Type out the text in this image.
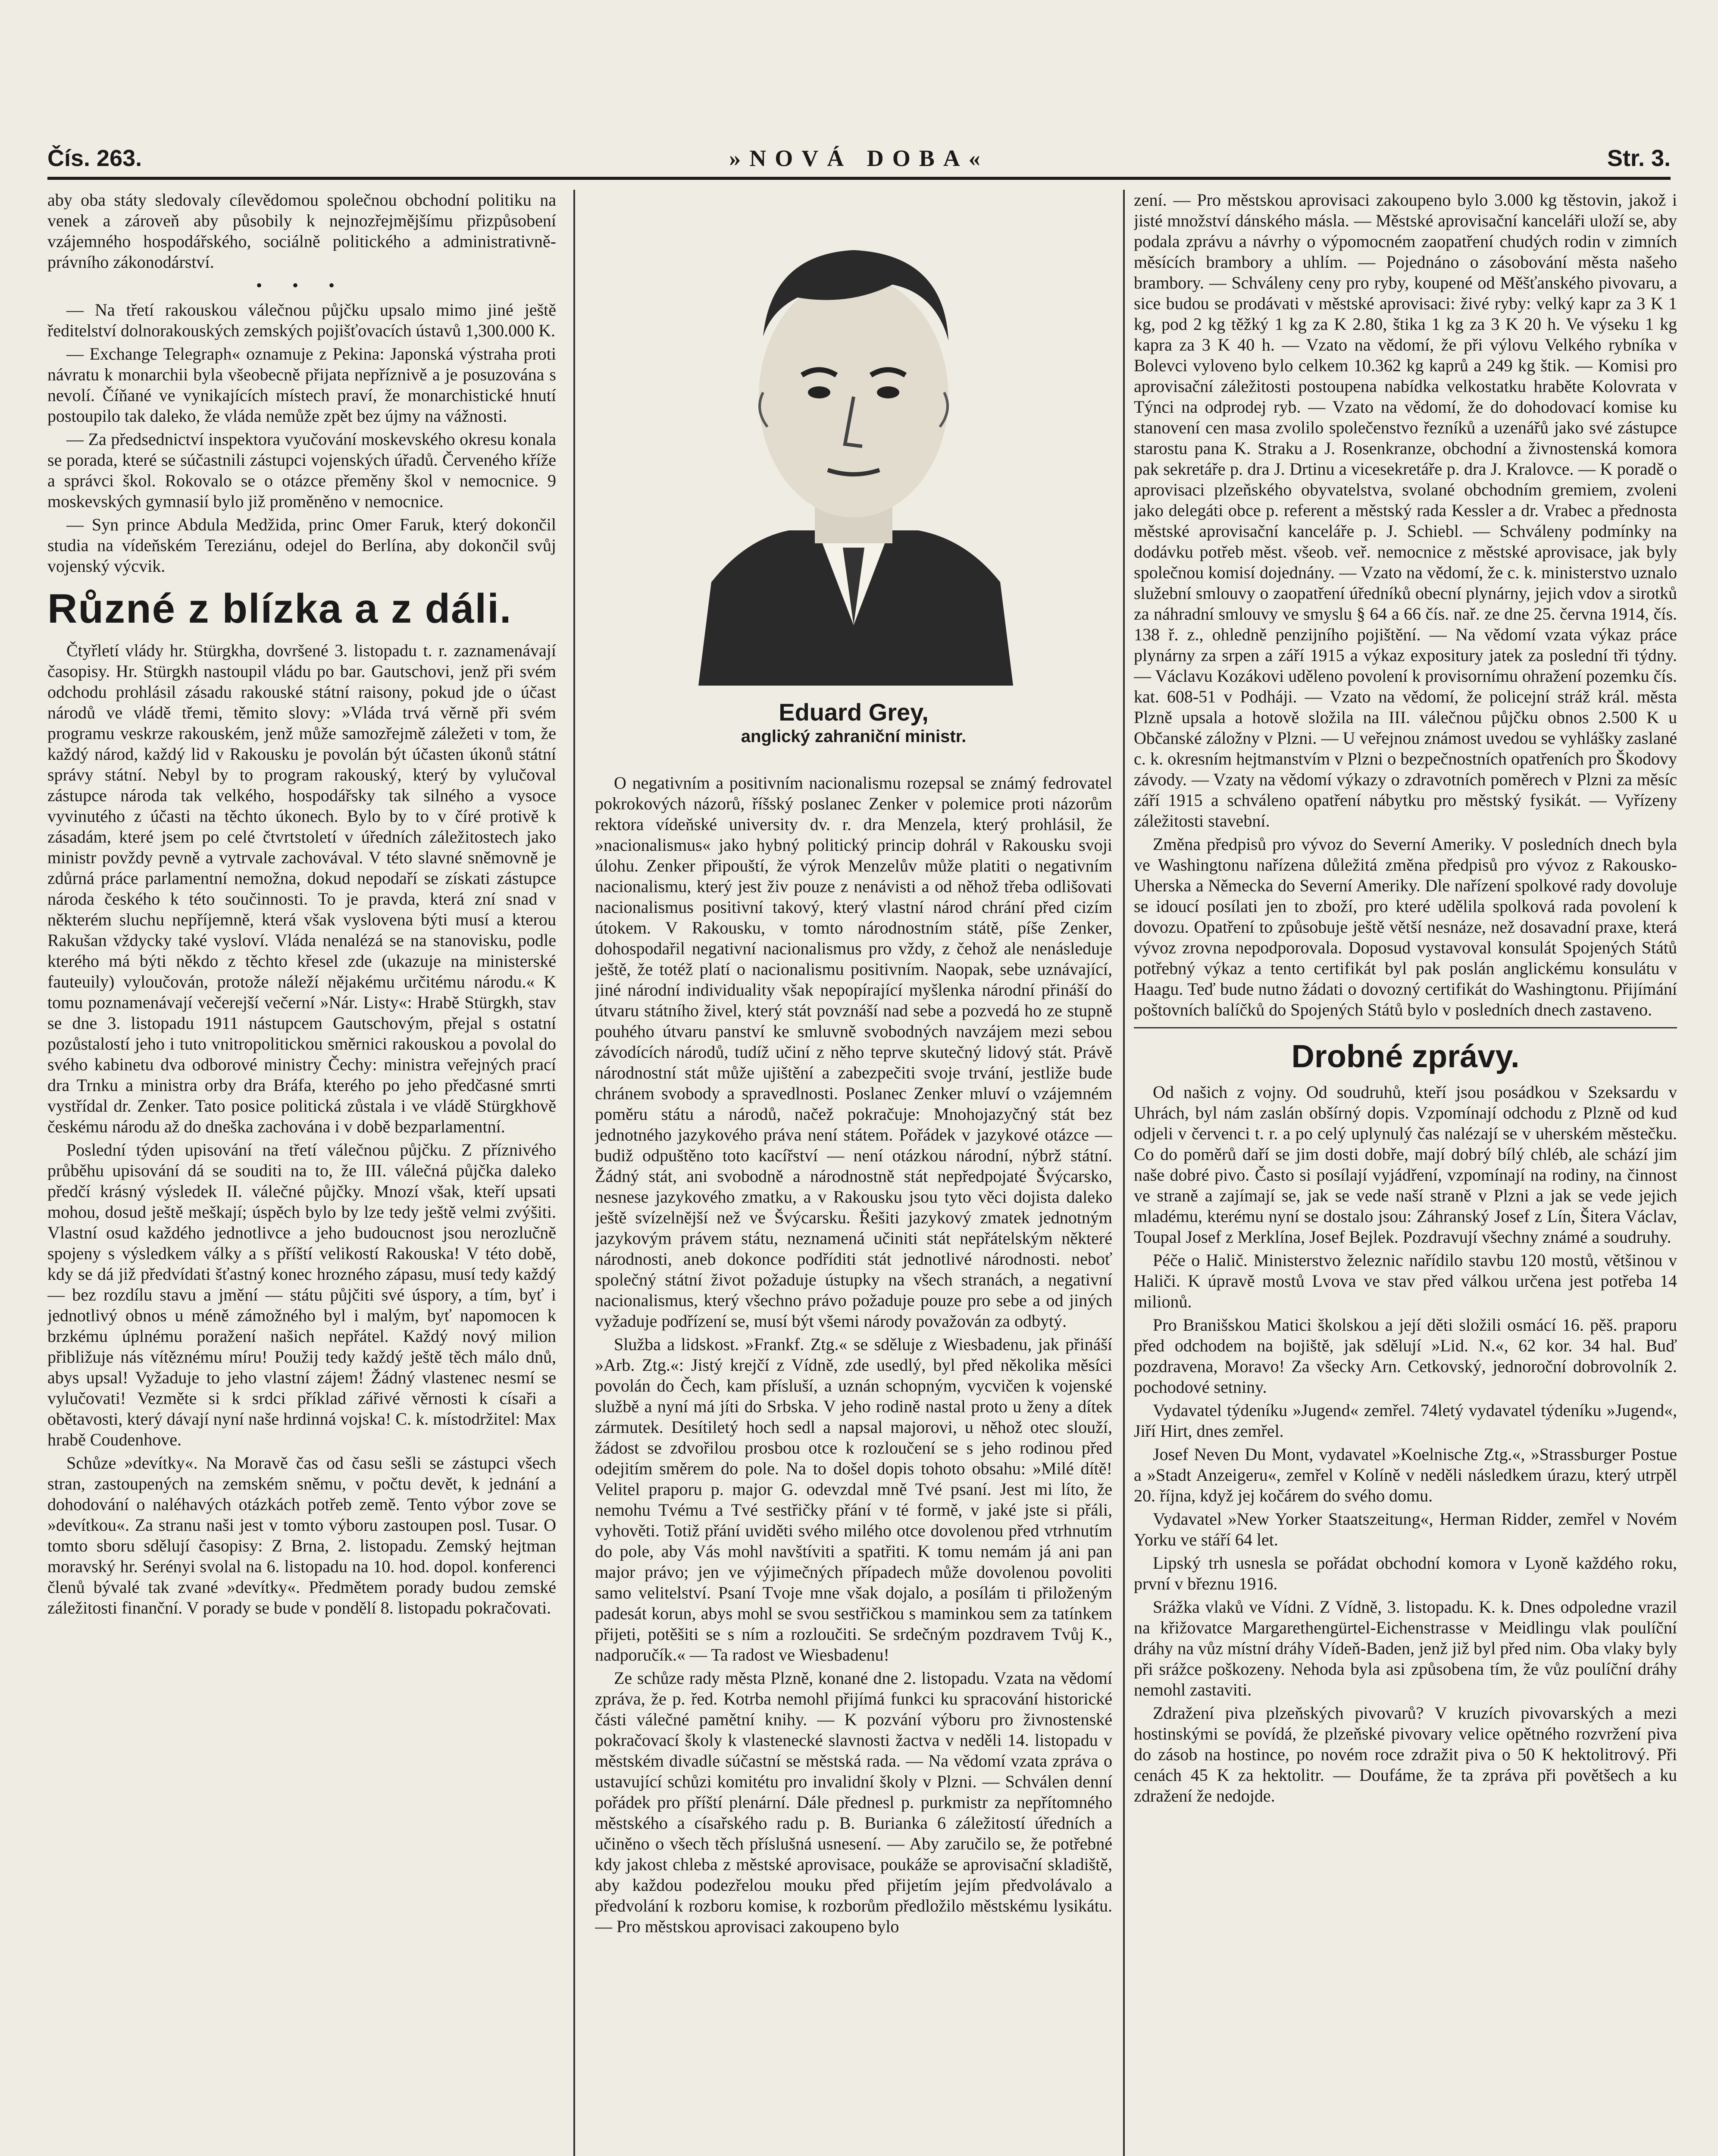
Čís. 263.	»NOVÁ DOBA«	Str. 3.

aby oba státy sledovaly cílevědomou společnou obchodní politiku na venek a zároveň aby působily k nejnozřejmějšímu přizpůsobení vzájemného hospodářského, sociálně politického a administrativně-právního zákonodárství.

• • •

— Na třetí rakouskou válečnou půjčku upsalo mimo jiné ještě ředitelství dolnorakouských zemských pojišťovacích ústavů 1,300.000 K.

— Exchange Telegraph« oznamuje z Pekina: Japonská výstraha proti návratu k monarchii byla všeobecně přijata nepříznivě a je posuzována s nevolí. Číňané ve vynikajících místech praví, že monarchistické hnutí postoupilo tak daleko, že vláda nemůže zpět bez újmy na vážnosti.

— Za předsednictví inspektora vyučování moskevského okresu konala se porada, které se súčastnili zástupci vojenských úřadů. Červeného kříže a správci škol. Rokovalo se o otázce přeměny škol v nemocnice. 9 moskevských gymnasií bylo již proměněno v nemocnice.

— Syn prince Abdula Medžida, princ Omer Faruk, který dokončil studia na vídeňském Tereziánu, odejel do Berlína, aby dokončil svůj vojenský výcvik.

Různé z blízka a z dáli.

Čtyřletí vlády hr. Stürgkha, dovršené 3. listopadu t. r. zaznamenávají časopisy. Hr. Stürgkh nastoupil vládu po bar. Gautschovi, jenž při svém odchodu prohlásil zásadu rakouské státní raisony, pokud jde o účast národů ve vládě třemi, těmito slovy: »Vláda trvá věrně při svém programu veskrze rakouském, jenž může samozřejmě záležeti v tom, že každý národ, každý lid v Rakousku je povolán být účasten úkonů státní správy státní. Nebyl by to program rakouský, který by vylučoval zástupce národa tak velkého, hospodářsky tak silného a vysoce vyvinutého z účasti na těchto úkonech. Bylo by to v číré protivě k zásadám, které jsem po celé čtvrtstoletí v úředních záležitostech jako ministr povždy pevně a vytrvale zachovával. V této slavné sněmovně je zdůrná práce parlamentní nemožna, dokud nepodaří se získati zástupce národa českého k této součinnosti. To je pravda, která zní snad v některém sluchu nepříjemně, která však vyslovena býti musí a kterou Rakušan vždycky také vysloví. Vláda nenalézá se na stanovisku, podle kterého má býti někdo z těchto křesel zde (ukazuje na ministerské fauteuily) vyloučován, protože náleží nějakému určitému národu.« K tomu poznamenávají večerejší večerní »Nár. Listy«: Hrabě Stürgkh, stav se dne 3. listopadu 1911 nástupcem Gautschovým, přejal s ostatní pozůstalostí jeho i tuto vnitropolitickou směrnici rakouskou a povolal do svého kabinetu dva odborové ministry Čechy: ministra veřejných prací dra Trnku a ministra orby dra Bráfa, kterého po jeho předčasné smrti vystřídal dr. Zenker. Tato posice politická zůstala i ve vládě Stürgkhově českému národu až do dneška zachována i v době bezparlamentní.

Poslední týden upisování na třetí válečnou půjčku. Z příznivého průběhu upisování dá se souditi na to, že III. válečná půjčka daleko předčí krásný výsledek II. válečné půjčky. Mnozí však, kteří upsati mohou, dosud ještě meškají; úspěch bylo by lze tedy ještě velmi zvýšiti. Vlastní osud každého jednotlivce a jeho budoucnost jsou nerozlučně spojeny s výsledkem války a s příští velikostí Rakouska! V této době, kdy se dá již předvídati šťastný konec hrozného zápasu, musí tedy každý — bez rozdílu stavu a jmění — státu půjčiti své úspory, a tím, byť i jednotlivý obnos u méně zámožného byl i malým, byť napomocen k brzkému úplnému poražení našich nepřátel. Každý nový milion přibližuje nás vítěznému míru! Použij tedy každý ještě těch málo dnů, abys upsal! Vyžaduje to jeho vlastní zájem! Žádný vlastenec nesmí se vylučovati! Vezměte si k srdci příklad zářivé věrnosti k císaři a obětavosti, který dávají nyní naše hrdinná vojska! C. k. místodržitel: Max hrabě Coudenhove.

Schůze »devítky«. Na Moravě čas od času sešli se zástupci všech stran, zastoupených na zemském sněmu, v počtu devět, k jednání a dohodování o naléhavých otázkách potřeb země. Tento výbor zove se »devítkou«. Za stranu naši jest v tomto výboru zastoupen posl. Tusar. O tomto sboru sdělují časopisy: Z Brna, 2. listopadu. Zemský hejtman moravský hr. Serényi svolal na 6. listopadu na 10. hod. dopol. konferenci členů bývalé tak zvané »devítky«. Předmětem porady budou zemské záležitosti finanční. V porady se bude v pondělí 8. listopadu pokračovati.

Eduard Grey,
anglický zahraniční ministr.

O negativním a positivním nacionalismu rozepsal se známý fedrovatel pokrokových názorů, říšský poslanec Zenker v polemice proti názorům rektora vídeňské university dv. r. dra Menzela, který prohlásil, že »nacionalismus« jako hybný politický princip dohrál v Rakousku svoji úlohu. Zenker připouští, že výrok Menzelův může platiti o negativním nacionalismu, který jest živ pouze z nenávisti a od něhož třeba odlišovati nacionalismus positivní takový, který vlastní národ chrání před cizím útokem. V Rakousku, v tomto národnostním státě, píše Zenker, dohospodařil negativní nacionalismus pro vždy, z čehož ale nenásleduje ještě, že totéž platí o nacionalismu positivním. Naopak, sebe uznávající, jiné národní individuality však nepopírající myšlenka národní přináší do útvaru státního živel, který stát povznáší nad sebe a pozvedá ho ze stupně pouhého útvaru panství ke smluvně svobodných navzájem mezi sebou závodících národů, tudíž učiní z něho teprve skutečný lidový stát. Právě národnostní stát může ujištění a zabezpečiti svoje trvání, jestliže bude chránem svobody a spravedlnosti. Poslanec Zenker mluví o vzájemném poměru státu a národů, načež pokračuje: Mnohojazyčný stát bez jednotného jazykového práva není státem. Pořádek v jazykové otázce — budiž odpuštěno toto kacířství — není otázkou národní, nýbrž státní. Žádný stát, ani svobodně a národnostně stát nepředpojaté Švýcarsko, nesnese jazykového zmatku, a v Rakousku jsou tyto věci dojista daleko ještě svízelnější než ve Švýcarsku. Řešiti jazykový zmatek jednotným jazykovým právem státu, neznamená učiniti stát nepřátelským některé národnosti, aneb dokonce podříditi stát jednotlivé národnosti. neboť společný státní život požaduje ústupky na všech stranách, a negativní nacionalismus, který všechno právo požaduje pouze pro sebe a od jiných vyžaduje podřízení se, musí být všemi národy považován za odbytý.

Služba a lidskost. »Frankf. Ztg.« se sděluje z Wiesbadenu, jak přináší »Arb. Ztg.«: Jistý krejčí z Vídně, zde usedlý, byl před několika měsíci povolán do Čech, kam přísluší, a uznán schopným, vycvičen k vojenské službě a nyní má jíti do Srbska. V jeho rodině nastal proto u ženy a dítek zármutek. Desítiletý hoch sedl a napsal majorovi, u něhož otec slouží, žádost se zdvořilou prosbou otce k rozloučení se s jeho rodinou před odejitím směrem do pole. Na to došel dopis tohoto obsahu: »Milé dítě! Velitel praporu p. major G. odevzdal mně Tvé psaní. Jest mi líto, že nemohu Tvému a Tvé sestřičky přání v té formě, v jaké jste si přáli, vyhověti. Totiž přání uviděti svého milého otce dovolenou před vtrhnutím do pole, aby Vás mohl navštíviti a spatřiti. K tomu nemám já ani pan major právo; jen ve výjimečných případech může dovolenou povoliti samo velitelství. Psaní Tvoje mne však dojalo, a posílám ti přiloženým padesát korun, abys mohl se svou sestřičkou s maminkou sem za tatínkem přijeti, potěšiti se s ním a rozloučiti. Se srdečným pozdravem Tvůj K., nadporučík.« — Ta radost ve Wiesbadenu!

Ze schůze rady města Plzně, konané dne 2. listopadu. Vzata na vědomí zpráva, že p. řed. Kotrba nemohl přijímá funkci ku spracování historické části válečné pamětní knihy. — K pozvání výboru pro živnostenské pokračovací školy k vlastenecké slavnosti žactva v neděli 14. listopadu v městském divadle súčastní se městská rada. — Na vědomí vzata zpráva o ustavující schůzi komitétu pro invalidní školy v Plzni. — Schválen denní pořádek pro příští plenární. Dále přednesl p. purkmistr za nepřítomného městského a císařského radu p. B. Burianka 6 záležitostí úředních a učiněno o všech těch příslušná usnesení. — Aby zaručilo se, že potřebné kdy jakost chleba z městské aprovisace, poukáže se aprovisační skladiště, aby každou podezřelou mouku před přijetím jejím předvolávalo a předvolání k rozboru komise, k rozborům předložilo městskému lysikátu. — Pro městskou aprovisaci zakoupeno bylo

zení. — Pro městskou aprovisaci zakoupeno bylo 3.000 kg těstovin, jakož i jisté množství dánského másla. — Městské aprovisační kanceláři uloží se, aby podala zprávu a návrhy o výpomocném zaopatření chudých rodin v zimních měsících brambory a uhlím. — Pojednáno o zásobování města našeho brambory. — Schváleny ceny pro ryby, koupené od Měšťanského pivovaru, a sice budou se prodávati v městské aprovisaci: živé ryby: velký kapr za 3 K 1 kg, pod 2 kg těžký 1 kg za K 2.80, štika 1 kg za 3 K 20 h. Ve výseku 1 kg kapra za 3 K 40 h. — Vzato na vědomí, že při výlovu Velkého rybníka v Bolevci vyloveno bylo celkem 10.362 kg kaprů a 249 kg štik. — Komisi pro aprovisační záležitosti postoupena nabídka velkostatku hraběte Kolovrata v Týnci na odprodej ryb. — Vzato na vědomí, že do dohodovací komise ku stanovení cen masa zvolilo společenstvo řezníků a uzenářů jako své zástupce starostu pana K. Straku a J. Rosenkranze, obchodní a živnostenská komora pak sekretáře p. dra J. Drtinu a vicesekretáře p. dra J. Kralovce. — K poradě o aprovisaci plzeňského obyvatelstva, svolané obchodním gremiem, zvoleni jako delegáti obce p. referent a městský rada Kessler a dr. Vrabec a přednosta městské aprovisační kanceláře p. J. Schiebl. — Schváleny podmínky na dodávku potřeb měst. všeob. veř. nemocnice z městské aprovisace, jak byly společnou komisí dojednány. — Vzato na vědomí, že c. k. ministerstvo uznalo služební smlouvy o zaopatření úředníků obecní plynárny, jejich vdov a sirotků za náhradní smlouvy ve smyslu § 64 a 66 čís. nař. ze dne 25. června 1914, čís. 138 ř. z., ohledně penzijního pojištění. — Na vědomí vzata výkaz práce plynárny za srpen a září 1915 a výkaz expositury jatek za poslední tři týdny. — Václavu Kozákovi uděleno povolení k provisornímu ohražení pozemku čís. kat. 608-51 v Podháji. — Vzato na vědomí, že policejní stráž král. města Plzně upsala a hotově složila na III. válečnou půjčku obnos 2.500 K u Občanské záložny v Plzni. — U veřejnou známost uvedou se vyhlášky zaslané c. k. okresním hejtmanstvím v Plzni o bezpečnostních opatřeních pro Škodovy závody. — Vzaty na vědomí výkazy o zdravotních poměrech v Plzni za měsíc září 1915 a schváleno opatření nábytku pro městský fysikát. — Vyřízeny záležitosti stavební.

Změna předpisů pro vývoz do Severní Ameriky. V posledních dnech byla ve Washingtonu nařízena důležitá změna předpisů pro vývoz z Rakousko-Uherska a Německa do Severní Ameriky. Dle nařízení spolkové rady dovoluje se idoucí posílati jen to zboží, pro které udělila spolková rada povolení k dovozu. Opatření to způsobuje ještě větší nesnáze, než dosavadní praxe, která vývoz zrovna nepodporovala. Doposud vystavoval konsulát Spojených Států potřebný výkaz a tento certifikát byl pak poslán anglickému konsulátu v Haagu. Teď bude nutno žádati o dovozný certifikát do Washingtonu. Přijímání poštovních balíčků do Spojených Států bylo v posledních dnech zastaveno.

Drobné zprávy.

Od našich z vojny. Od soudruhů, kteří jsou posádkou v Szeksardu v Uhrách, byl nám zaslán obšírný dopis. Vzpomínají odchodu z Plzně od kud odjeli v červenci t. r. a po celý uplynulý čas nalézají se v uherském městečku. Co do poměrů daří se jim dosti dobře, mají dobrý bílý chléb, ale schází jim naše dobré pivo. Často si posílají vyjádření, vzpomínají na rodiny, na činnost ve straně a zajímají se, jak se vede naší straně v Plzni a jak se vede jejich mladému, kterému nyní se dostalo jsou: Záhranský Josef z Lín, Šitera Václav, Toupal Josef z Merklína, Josef Bejlek. Pozdravují všechny známé a soudruhy.

Péče o Halič. Ministerstvo železnic nařídilo stavbu 120 mostů, většinou v Haliči. K úpravě mostů Lvova ve stav před válkou určena jest potřeba 14 milionů.

Pro Branišskou Matici školskou a její děti složili osmácí 16. pěš. praporu před odchodem na bojiště, jak sdělují »Lid. N.«, 62 kor. 34 hal. Buď pozdravena, Moravo! Za všecky Arn. Cetkovský, jednoroční dobrovolník 2. pochodové setniny.

Vydavatel týdeníku »Jugend« zemřel. 74letý vydavatel týdeníku »Jugend«, Jiří Hirt, dnes zemřel.

Josef Neven Du Mont, vydavatel »Koelnische Ztg.«, »Strassburger Postue a »Stadt Anzeigeru«, zemřel v Kolíně v neděli následkem úrazu, který utrpěl 20. října, když jej kočárem do svého domu.

Vydavatel »New Yorker Staatszeitung«, Herman Ridder, zemřel v Novém Yorku ve stáří 64 let.

Lipský trh usnesla se pořádat obchodní komora v Lyoně každého roku, první v březnu 1916.

Srážka vlaků ve Vídni. Z Vídně, 3. listopadu. K. k. Dnes odpoledne vrazil na křižovatce Margarethengürtel-Eichenstrasse v Meidlingu vlak poulíční dráhy na vůz místní dráhy Vídeň-Baden, jenž již byl před nim. Oba vlaky byly při srážce poškozeny. Nehoda byla asi způsobena tím, že vůz poulíční dráhy nemohl zastaviti.

Zdražení piva plzeňských pivovarů? V kruzích pivovarských a mezi hostinskými se povídá, že plzeňské pivovary velice opětného rozvržení piva do zásob na hostince, po novém roce zdražit piva o 50 K hektolitrový. Při cenách 45 K za hektolitr. — Doufáme, že ta zpráva při povětšech a ku zdražení že nedojde.
